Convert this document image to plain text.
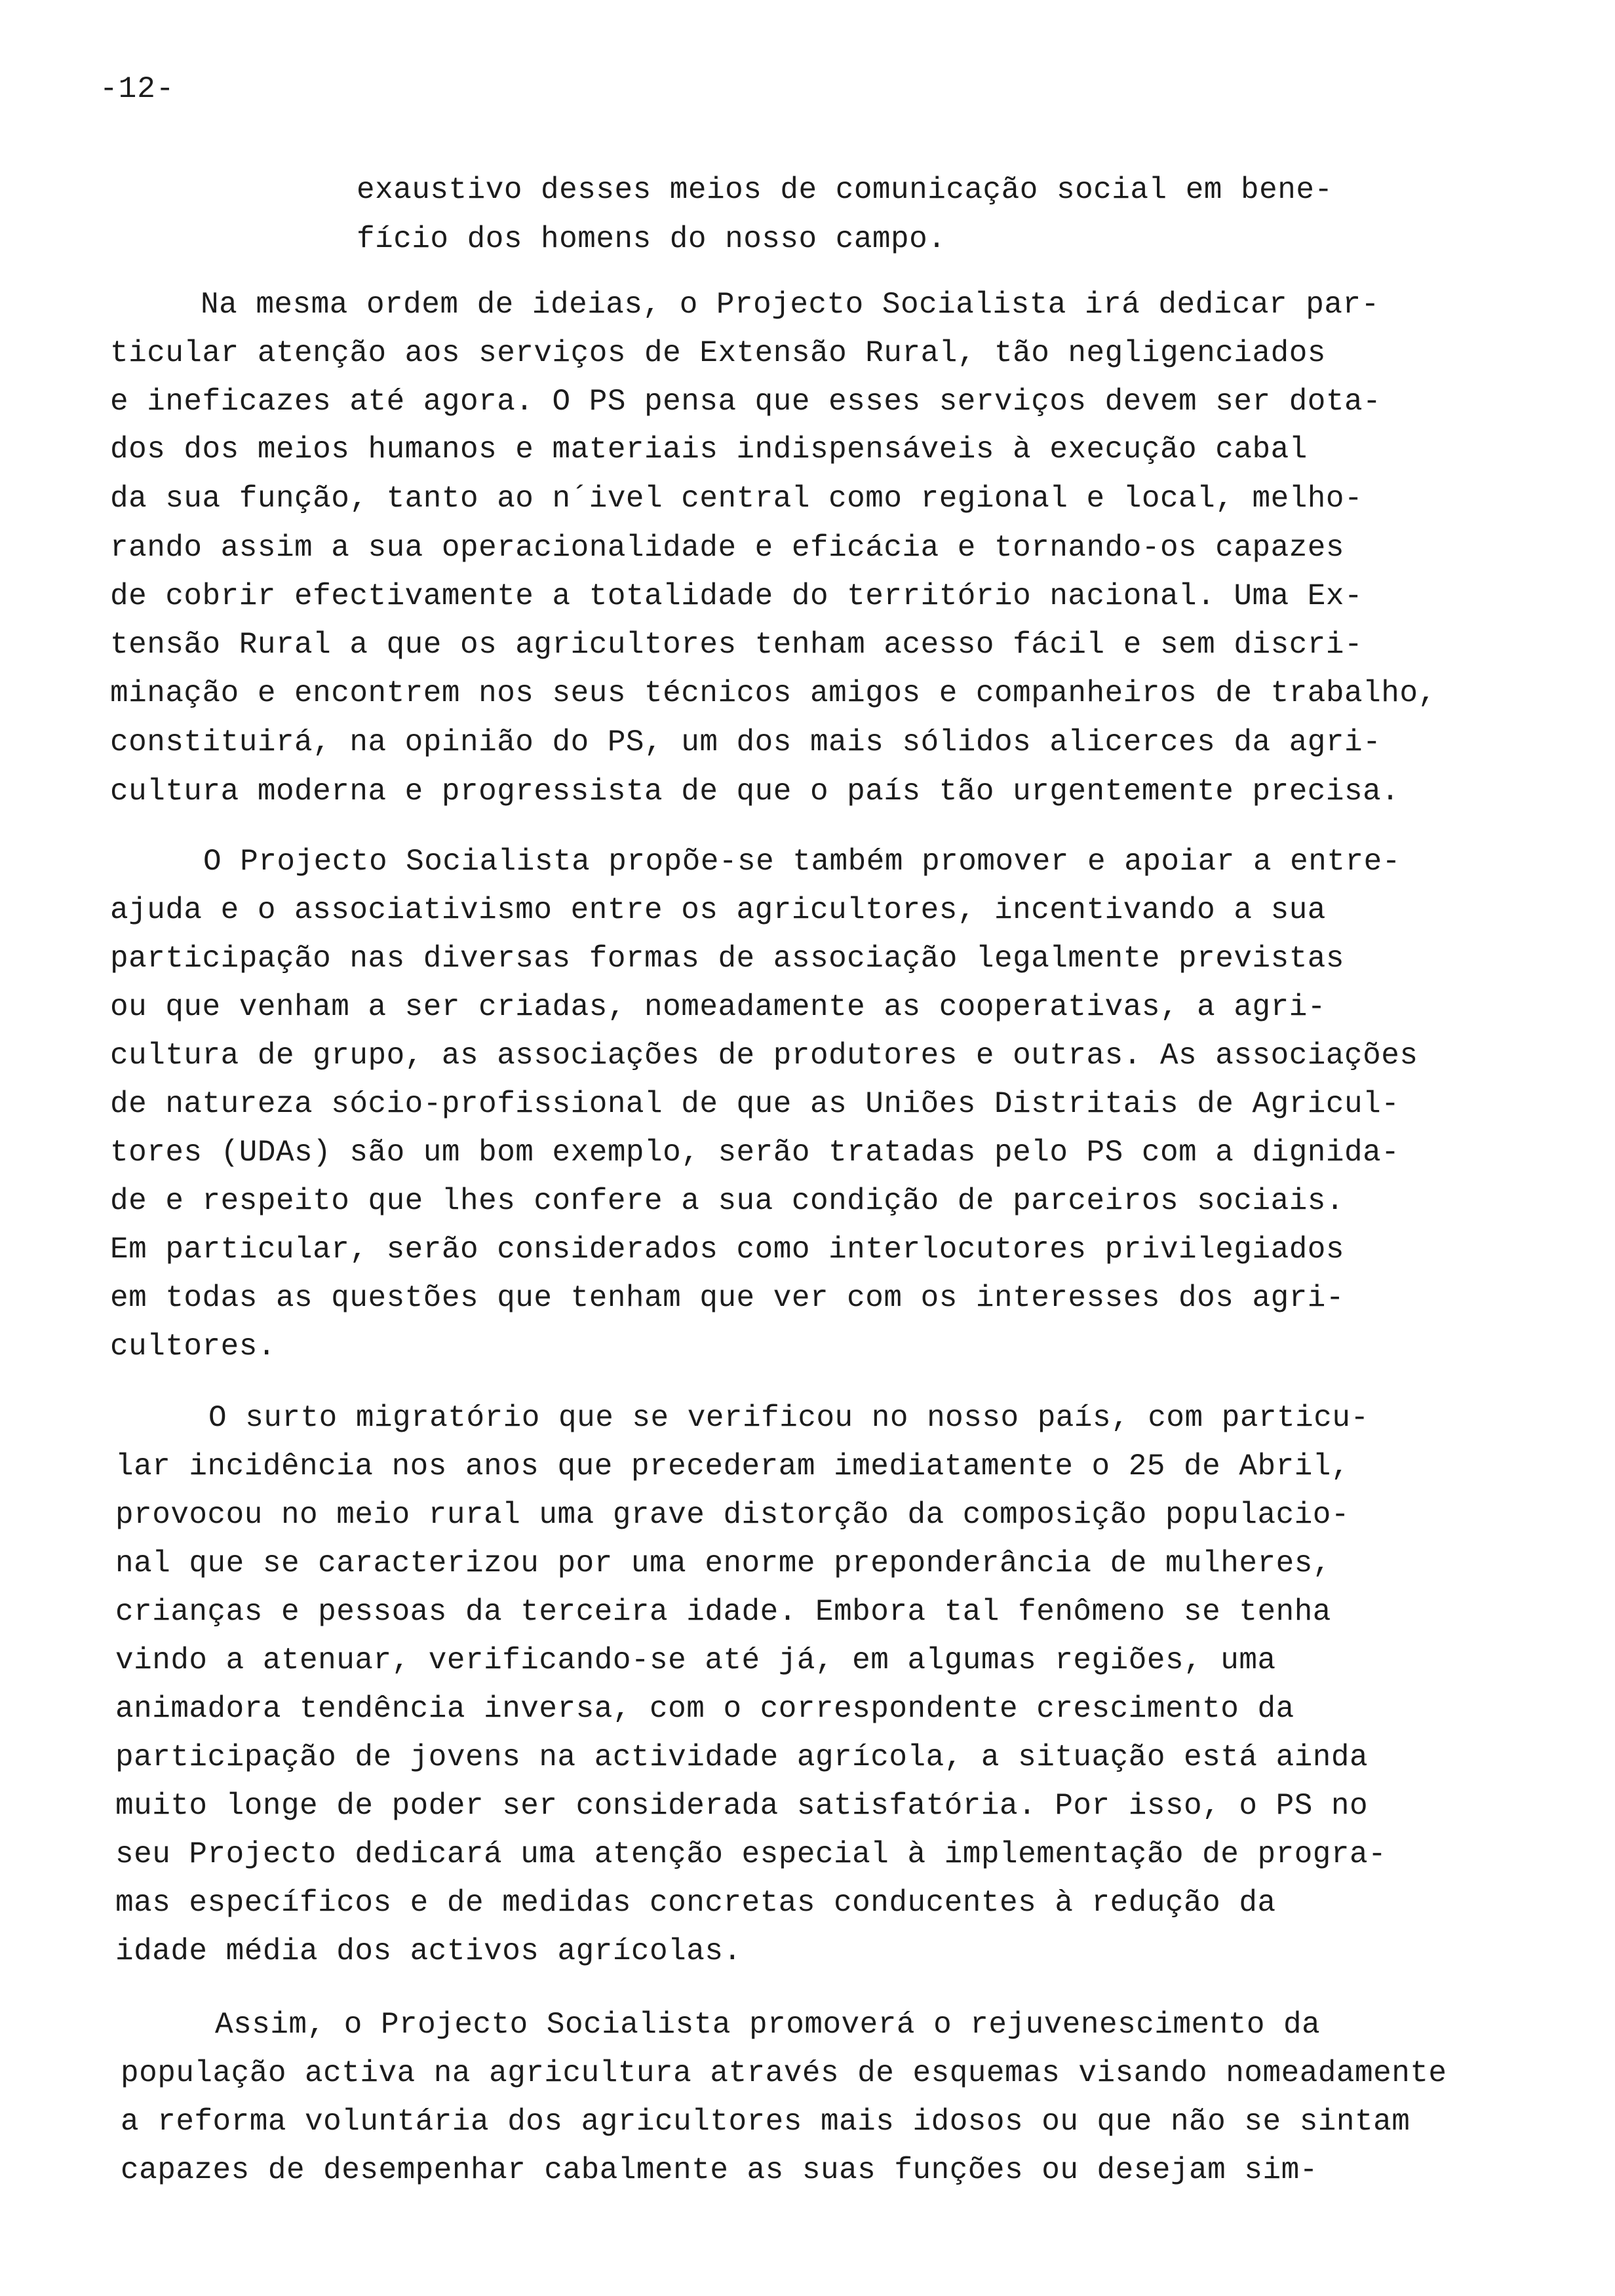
-12-
exaustivo desses meios de comunicação social em bene-
fício dos homens do nosso campo.
Na mesma ordem de ideias, o Projecto Socialista irá dedicar par-
ticular atenção aos serviços de Extensão Rural, tão negligenciados
e ineficazes até agora. O PS pensa que esses serviços devem ser dota-
dos dos meios humanos e materiais indispensáveis à execução cabal
da sua função, tanto ao n´ivel central como regional e local, melho-
rando assim a sua operacionalidade e eficácia e tornando-os capazes
de cobrir efectivamente a totalidade do território nacional. Uma Ex-
tensão Rural a que os agricultores tenham acesso fácil e sem discri-
minação e encontrem nos seus técnicos amigos e companheiros de trabalho,
constituirá, na opinião do PS, um dos mais sólidos alicerces da agri-
cultura moderna e progressista de que o país tão urgentemente precisa.
O Projecto Socialista propõe-se também promover e apoiar a entre-
ajuda e o associativismo entre os agricultores, incentivando a sua
participação nas diversas formas de associação legalmente previstas
ou que venham a ser criadas, nomeadamente as cooperativas, a agri-
cultura de grupo, as associações de produtores e outras. As associações
de natureza sócio-profissional de que as Uniões Distritais de Agricul-
tores (UDAs) são um bom exemplo, serão tratadas pelo PS com a dignida-
de e respeito que lhes confere a sua condição de parceiros sociais.
Em particular, serão considerados como interlocutores privilegiados
em todas as questões que tenham que ver com os interesses dos agri-
cultores.
O surto migratório que se verificou no nosso país, com particu-
lar incidência nos anos que precederam imediatamente o 25 de Abril,
provocou no meio rural uma grave distorção da composição populacio-
nal que se caracterizou por uma enorme preponderância de mulheres,
crianças e pessoas da terceira idade. Embora tal fenômeno se tenha
vindo a atenuar, verificando-se até já, em algumas regiões, uma
animadora tendência inversa, com o correspondente crescimento da
participação de jovens na actividade agrícola, a situação está ainda
muito longe de poder ser considerada satisfatória. Por isso, o PS no
seu Projecto dedicará uma atenção especial à implementação de progra-
mas específicos e de medidas concretas conducentes à redução da
idade média dos activos agrícolas.
Assim, o Projecto Socialista promoverá o rejuvenescimento da
população activa na agricultura através de esquemas visando nomeadamente
a reforma voluntária dos agricultores mais idosos ou que não se sintam
capazes de desempenhar cabalmente as suas funções ou desejam sim-
